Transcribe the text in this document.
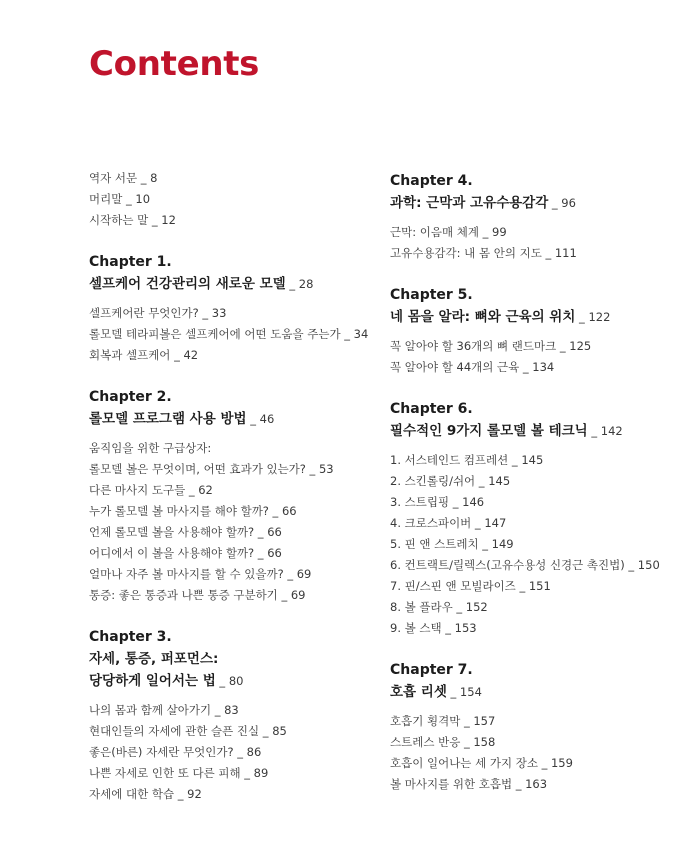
Contents
역자 서문 _ 8
머리말 _ 10
시작하는 말 _ 12
Chapter 1.
셀프케어 건강관리의 새로운 모델 _ 28
셀프케어란 무엇인가? _ 33
롤모델 테라피볼은 셀프케어에 어떤 도움을 주는가 _ 34
회복과 셀프케어 _ 42
Chapter 2.
롤모델 프로그램 사용 방법 _ 46
움직임을 위한 구급상자:
롤모델 볼은 무엇이며, 어떤 효과가 있는가? _ 53
다른 마사지 도구들 _ 62
누가 롤모델 볼 마사지를 해야 할까? _ 66
언제 롤모델 볼을 사용해야 할까? _ 66
어디에서 이 볼을 사용해야 할까? _ 66
얼마나 자주 볼 마사지를 할 수 있을까? _ 69
통증: 좋은 통증과 나쁜 통증 구분하기 _ 69
Chapter 3.
자세, 통증, 퍼포먼스:
당당하게 일어서는 법 _ 80
나의 몸과 함께 살아가기 _ 83
현대인들의 자세에 관한 슬픈 진실 _ 85
좋은(바른) 자세란 무엇인가? _ 86
나쁜 자세로 인한 또 다른 피해 _ 89
자세에 대한 학습 _ 92
Chapter 4.
과학: 근막과 고유수용감각 _ 96
근막: 이음매 체계 _ 99
고유수용감각: 내 몸 안의 지도 _ 111
Chapter 5.
네 몸을 알라: 뼈와 근육의 위치 _ 122
꼭 알아야 할 36개의 뼈 랜드마크 _ 125
꼭 알아야 할 44개의 근육 _ 134
Chapter 6.
필수적인 9가지 롤모델 볼 테크닉 _ 142
1. 서스테인드 컴프레션 _ 145
2. 스킨롤링/쉬어 _ 145
3. 스트립핑 _ 146
4. 크로스파이버 _ 147
5. 핀 앤 스트레치 _ 149
6. 컨트랙트/릴렉스(고유수용성 신경근 촉진법) _ 150
7. 핀/스핀 앤 모빌라이즈 _ 151
8. 볼 플라우 _ 152
9. 볼 스택 _ 153
Chapter 7.
호흡 리셋 _ 154
호흡기 횡격막 _ 157
스트레스 반응 _ 158
호흡이 일어나는 세 가지 장소 _ 159
볼 마사지를 위한 호흡법 _ 163
